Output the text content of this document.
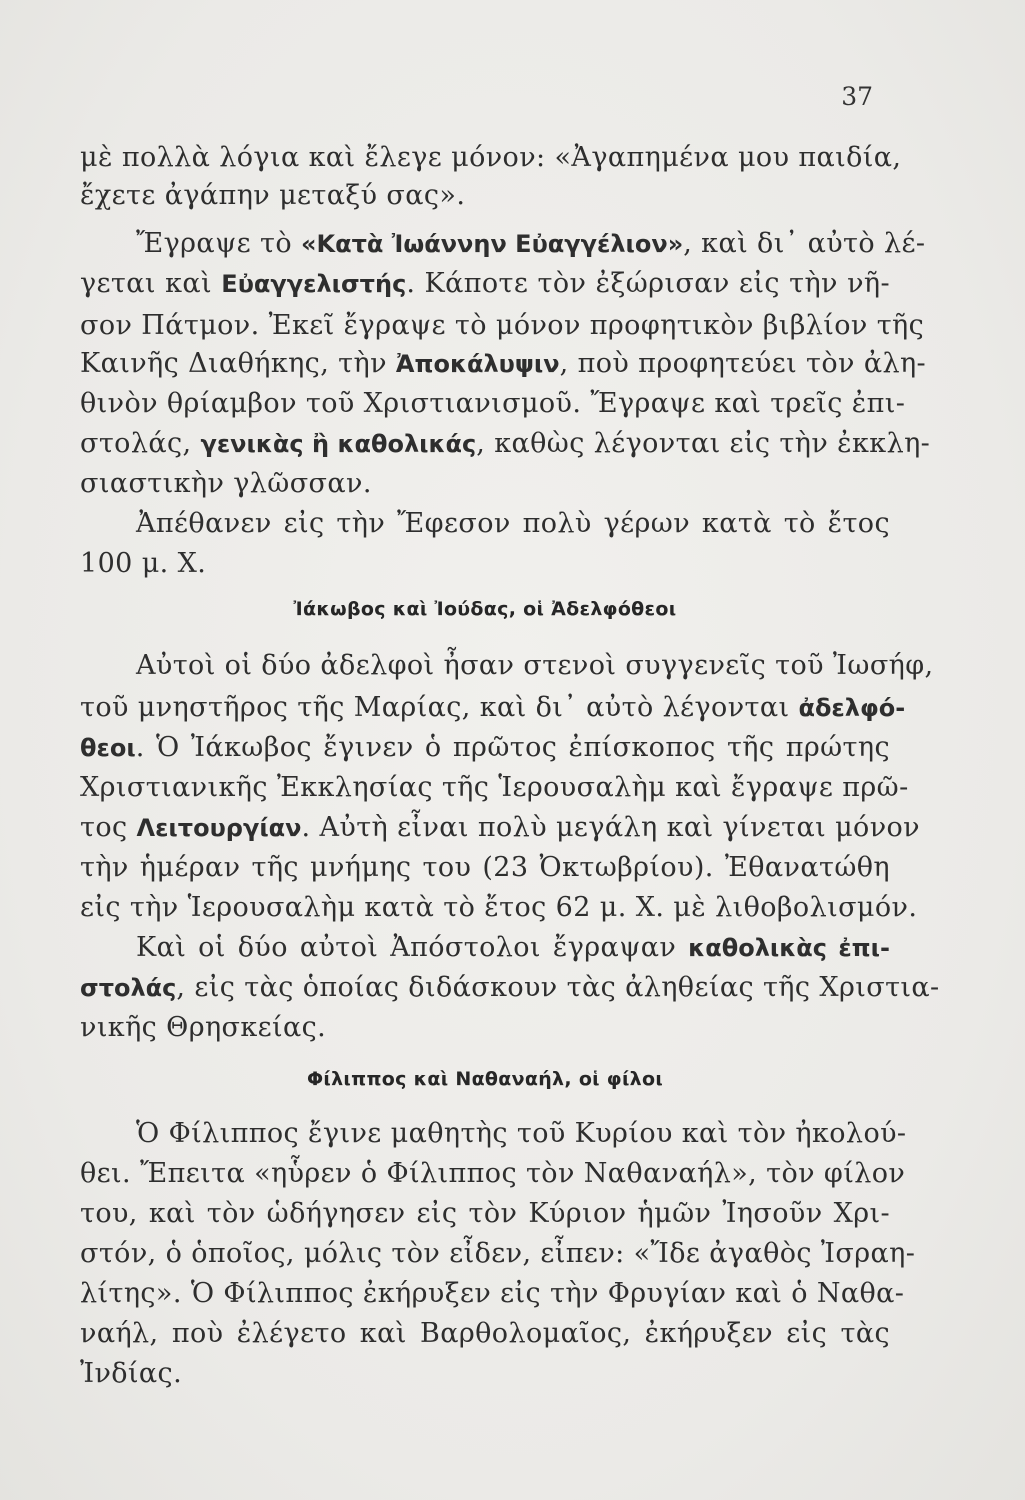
37
Ἰάκωβος καὶ Ἰούδας, οἱ Ἀδελφόθεοι
Φίλιππος καὶ Ναθαναήλ, οἱ φίλοι
μὲ πολλὰ λόγια καὶ ἔλεγε μόνον: «Ἀγαπημένα μου παιδία,
ἔχετε ἀγάπην μεταξύ σας».
Ἔγραψε τὸ «Κατὰ Ἰωάννην Εὐαγγέλιον», καὶ δι᾽ αὐτὸ λέ-
γεται καὶ Εὐαγγελιστής. Κάποτε τὸν ἐξώρισαν εἰς τὴν νῆ-
σον Πάτμον. Ἐκεῖ ἔγραψε τὸ μόνον προφητικὸν βιβλίον τῆς
Καινῆς Διαθήκης, τὴν Ἀποκάλυψιν, ποὺ προφητεύει τὸν ἀλη-
θινὸν θρίαμβον τοῦ Χριστιανισμοῦ. Ἔγραψε καὶ τρεῖς ἐπι-
στολάς, γενικὰς ἢ καθολικάς, καθὼς λέγονται εἰς τὴν ἐκκλη-
σιαστικὴν γλῶσσαν.
Ἀπέθανεν εἰς τὴν Ἔφεσον πολὺ γέρων κατὰ τὸ ἔτος
100 μ. Χ.
Αὐτοὶ οἱ δύο ἀδελφοὶ ἦσαν στενοὶ συγγενεῖς τοῦ Ἰωσήφ,
τοῦ μνηστῆρος τῆς Μαρίας, καὶ δι᾽ αὐτὸ λέγονται ἀδελφό-
θεοι. Ὁ Ἰάκωβος ἔγινεν ὁ πρῶτος ἐπίσκοπος τῆς πρώτης
Χριστιανικῆς Ἐκκλησίας τῆς Ἱερουσαλὴμ καὶ ἔγραψε πρῶ-
τος Λειτουργίαν. Αὐτὴ εἶναι πολὺ μεγάλη καὶ γίνεται μόνον
τὴν ἡμέραν τῆς μνήμης του (23 Ὀκτωβρίου). Ἐθανατώθη
εἰς τὴν Ἱερουσαλὴμ κατὰ τὸ ἔτος 62 μ. Χ. μὲ λιθοβολισμόν.
Καὶ οἱ δύο αὐτοὶ Ἀπόστολοι ἔγραψαν καθολικὰς ἐπι-
στολάς, εἰς τὰς ὁποίας διδάσκουν τὰς ἀληθείας τῆς Χριστια-
νικῆς Θρησκείας.
Ὁ Φίλιππος ἔγινε μαθητὴς τοῦ Κυρίου καὶ τὸν ἠκολού-
θει. Ἔπειτα «ηὗρεν ὁ Φίλιππος τὸν Ναθαναήλ», τὸν φίλον
του, καὶ τὸν ὡδήγησεν εἰς τὸν Κύριον ἡμῶν Ἰησοῦν Χρι-
στόν, ὁ ὁποῖος, μόλις τὸν εἶδεν, εἶπεν: «Ἴδε ἀγαθὸς Ἰσραη-
λίτης». Ὁ Φίλιππος ἐκήρυξεν εἰς τὴν Φρυγίαν καὶ ὁ Ναθα-
ναήλ, ποὺ ἐλέγετο καὶ Βαρθολομαῖος, ἐκήρυξεν εἰς τὰς
Ἰνδίας.
